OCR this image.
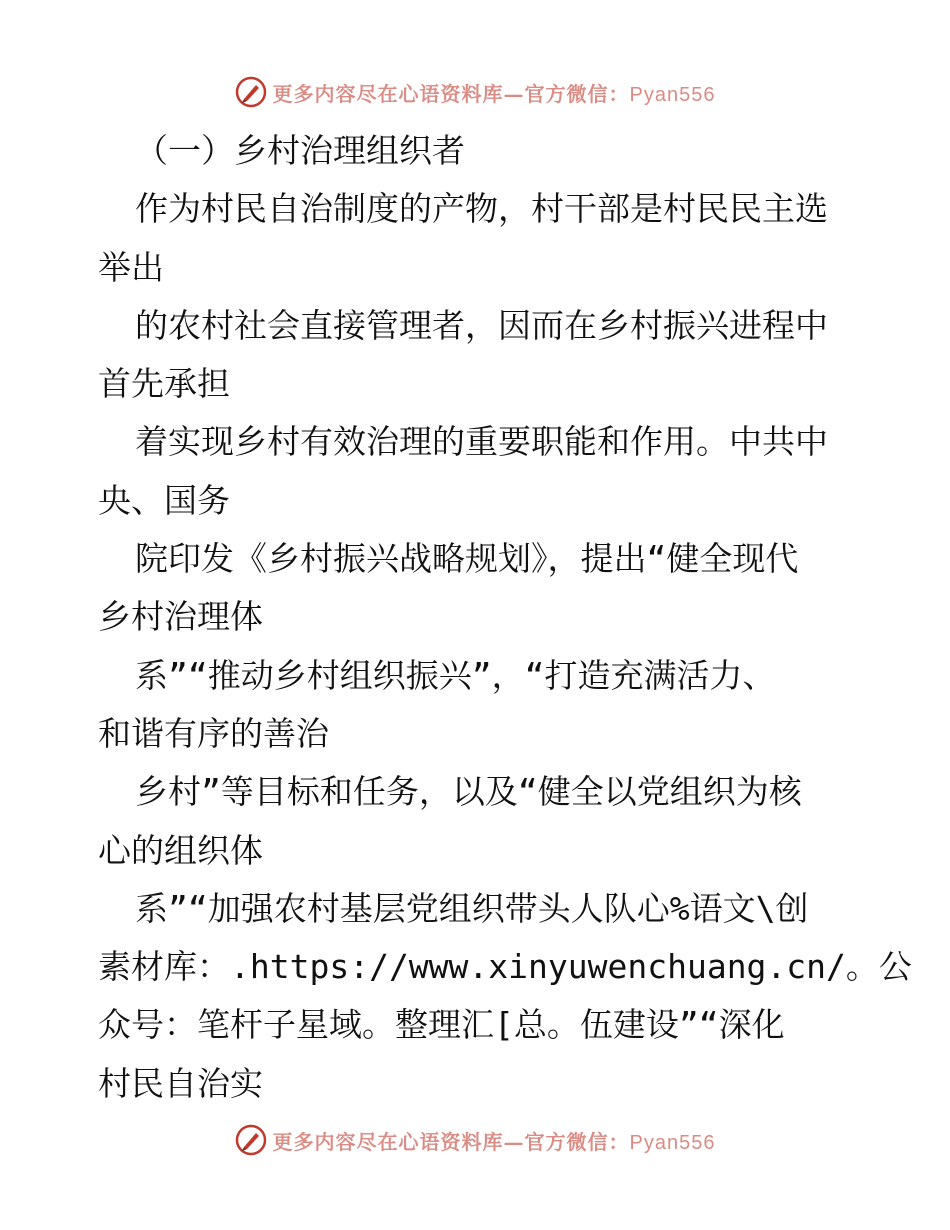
更多内容尽在心语资料库—官方微信：Pyan556
（一）乡村治理组织者
作为村民自治制度的产物，村干部是村民民主选
举出
的农村社会直接管理者，因而在乡村振兴进程中
首先承担
着实现乡村有效治理的重要职能和作用。中共中
央、国务
院印发《乡村振兴战略规划》，提出“健全现代
乡村治理体
系”“推动乡村组织振兴”，“打造充满活力、
和谐有序的善治
乡村”等目标和任务，以及“健全以党组织为核
心的组织体
系”“加强农村基层党组织带头人队心%语文\创
素材库：.https://www.xinyuwenchuang.cn/。公
众号：笔杆子星域。整理汇[总。伍建设”“深化
村民自治实
更多内容尽在心语资料库—官方微信：Pyan556
